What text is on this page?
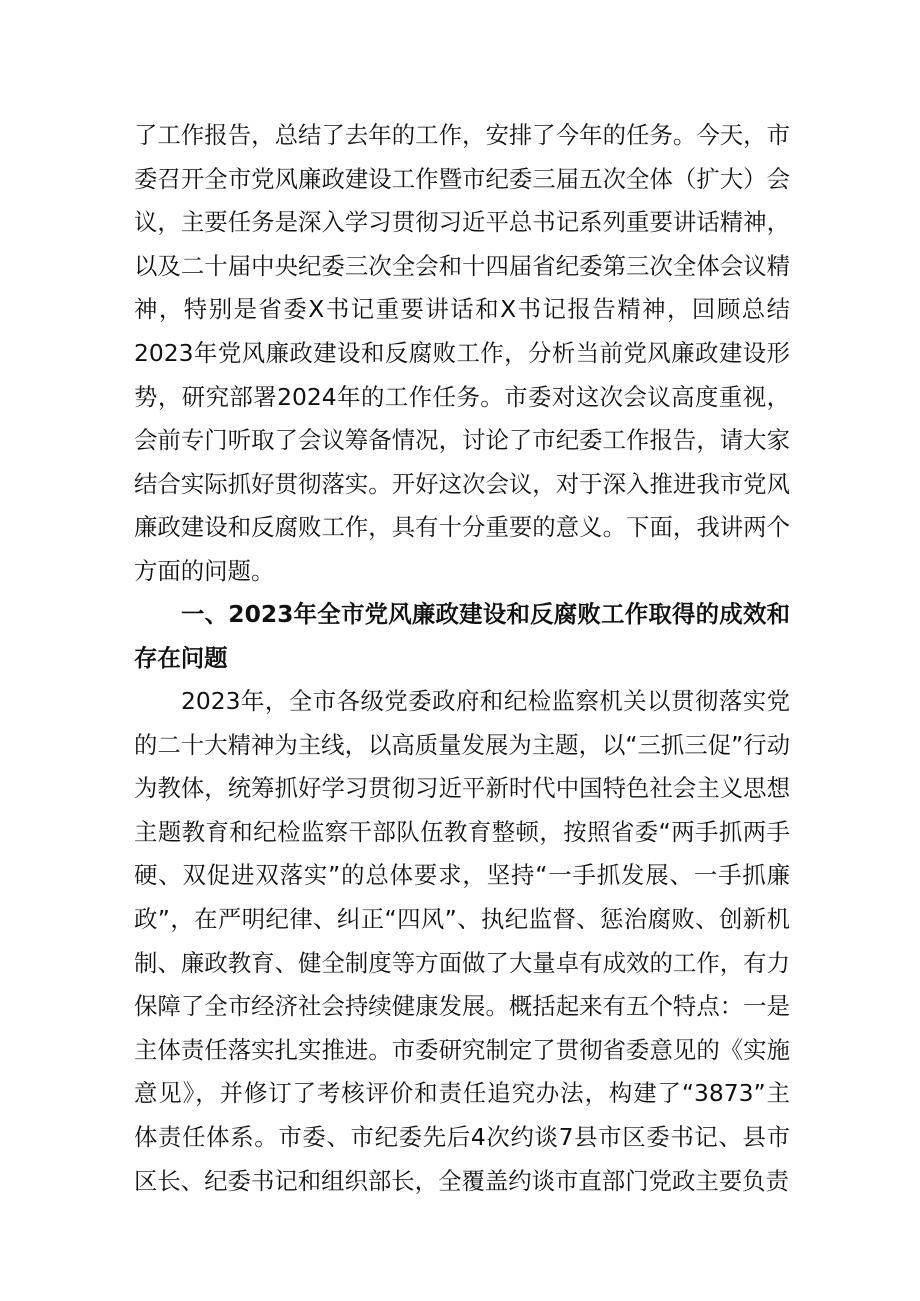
了工作报告，总结了去年的工作，安排了今年的任务。今天，市委召开全市党风廉政建设工作暨市纪委三届五次全体（扩大）会议，主要任务是深入学习贯彻习近平总书记系列重要讲话精神，以及二十届中央纪委三次全会和十四届省纪委第三次全体会议精神，特别是省委X书记重要讲话和X书记报告精神，回顾总结2023年党风廉政建设和反腐败工作，分析当前党风廉政建设形势，研究部署2024年的工作任务。市委对这次会议高度重视，会前专门听取了会议筹备情况，讨论了市纪委工作报告，请大家结合实际抓好贯彻落实。开好这次会议，对于深入推进我市党风廉政建设和反腐败工作，具有十分重要的意义。下面，我讲两个方面的问题。

一、2023年全市党风廉政建设和反腐败工作取得的成效和存在问题

2023年，全市各级党委政府和纪检监察机关以贯彻落实党的二十大精神为主线，以高质量发展为主题，以“三抓三促”行动为教体，统筹抓好学习贯彻习近平新时代中国特色社会主义思想主题教育和纪检监察干部队伍教育整顿，按照省委“两手抓两手硬、双促进双落实”的总体要求，坚持“一手抓发展、一手抓廉政”，在严明纪律、纠正“四风”、执纪监督、惩治腐败、创新机制、廉政教育、健全制度等方面做了大量卓有成效的工作，有力保障了全市经济社会持续健康发展。概括起来有五个特点：一是主体责任落实扎实推进。市委研究制定了贯彻省委意见的《实施意见》，并修订了考核评价和责任追究办法，构建了“3873”主体责任体系。市委、市纪委先后4次约谈7县市区委书记、县市区长、纪委书记和组织部长，全覆盖约谈市直部门党政主要负责
